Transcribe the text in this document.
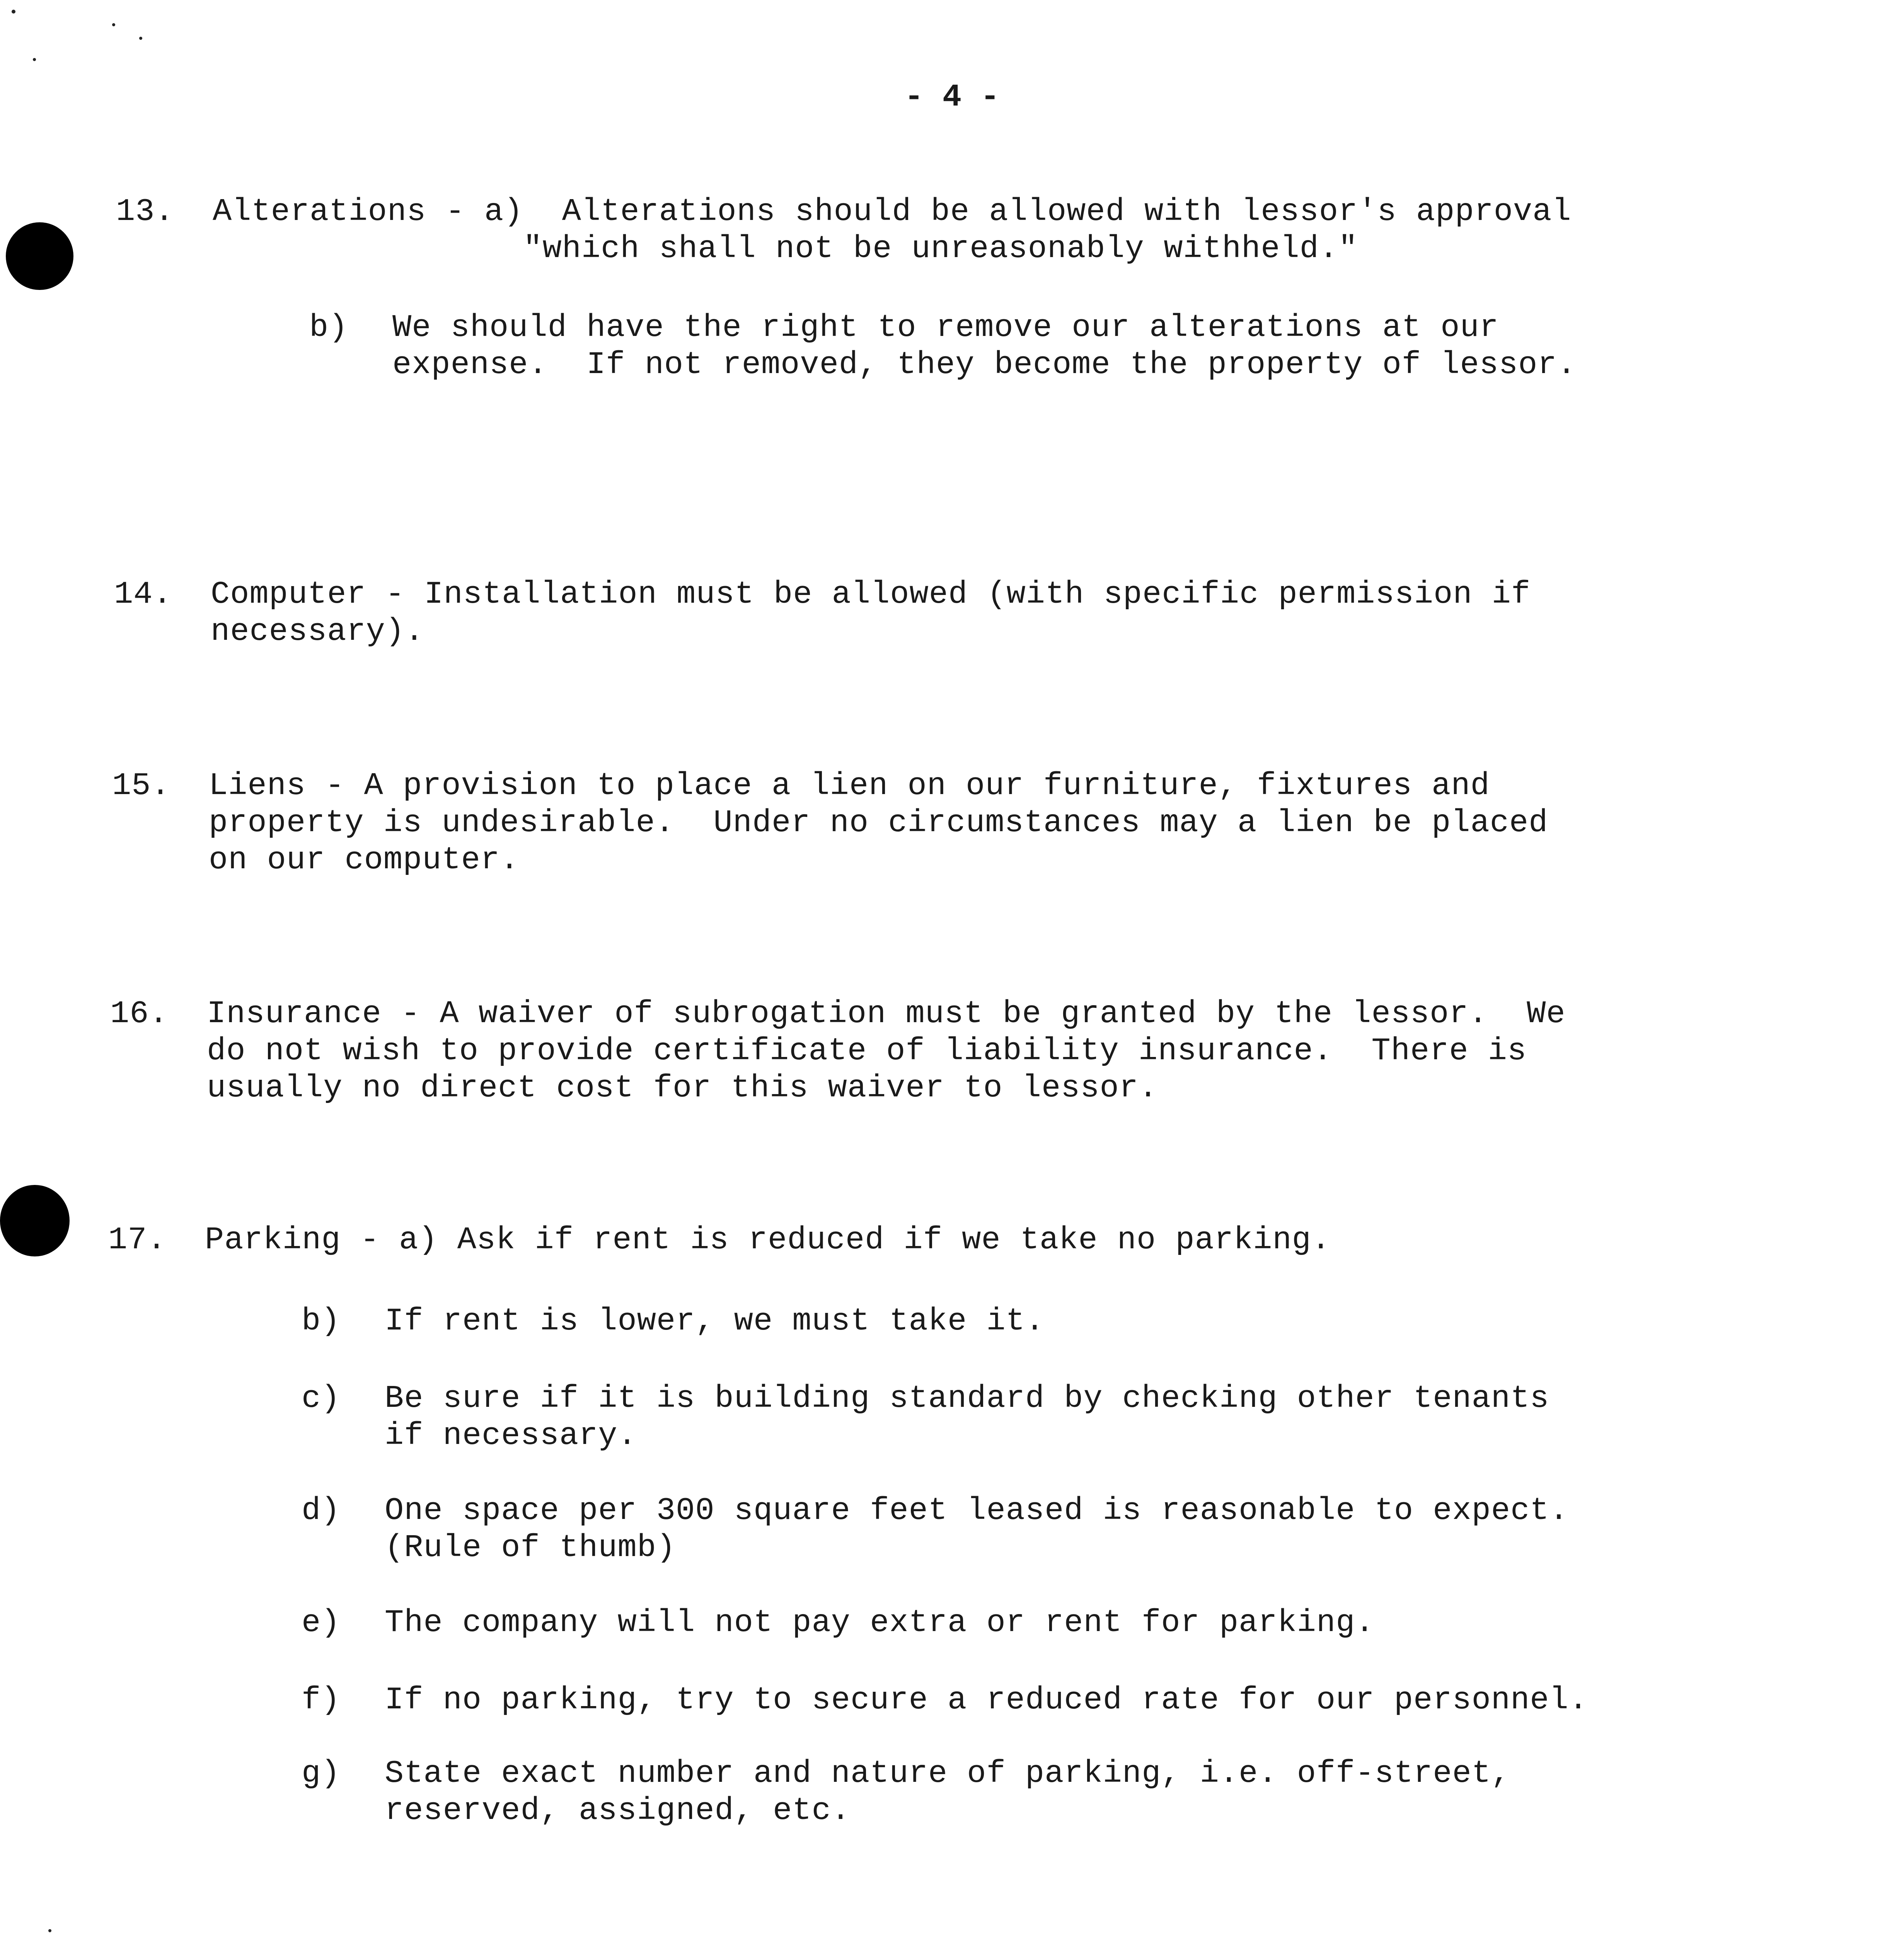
- 4 -
13.	Alterations - a)  Alterations should be allowed with lessor's approval
"which shall not be unreasonably withheld."
b) We should have the right to remove our alterations at our
expense.  If not removed, they become the property of lessor.
14.	Computer - Installation must be allowed (with specific permission if
necessary).
15.	Liens - A provision to place a lien on our furniture, fixtures and
property is undesirable.  Under no circumstances may a lien be placed
on our computer.
16.	Insurance - A waiver of subrogation must be granted by the lessor.  We
do not wish to provide certificate of liability insurance.  There is
usually no direct cost for this waiver to lessor.
17.	Parking - a) Ask if rent is reduced if we take no parking.
b) If rent is lower, we must take it.
c) Be sure if it is building standard by checking other tenants
if necessary.
d) One space per 300 square feet leased is reasonable to expect.
(Rule of thumb)
e) The company will not pay extra or rent for parking.
f) If no parking, try to secure a reduced rate for our personnel.
g) State exact number and nature of parking, i.e. off-street,
reserved, assigned, etc.
